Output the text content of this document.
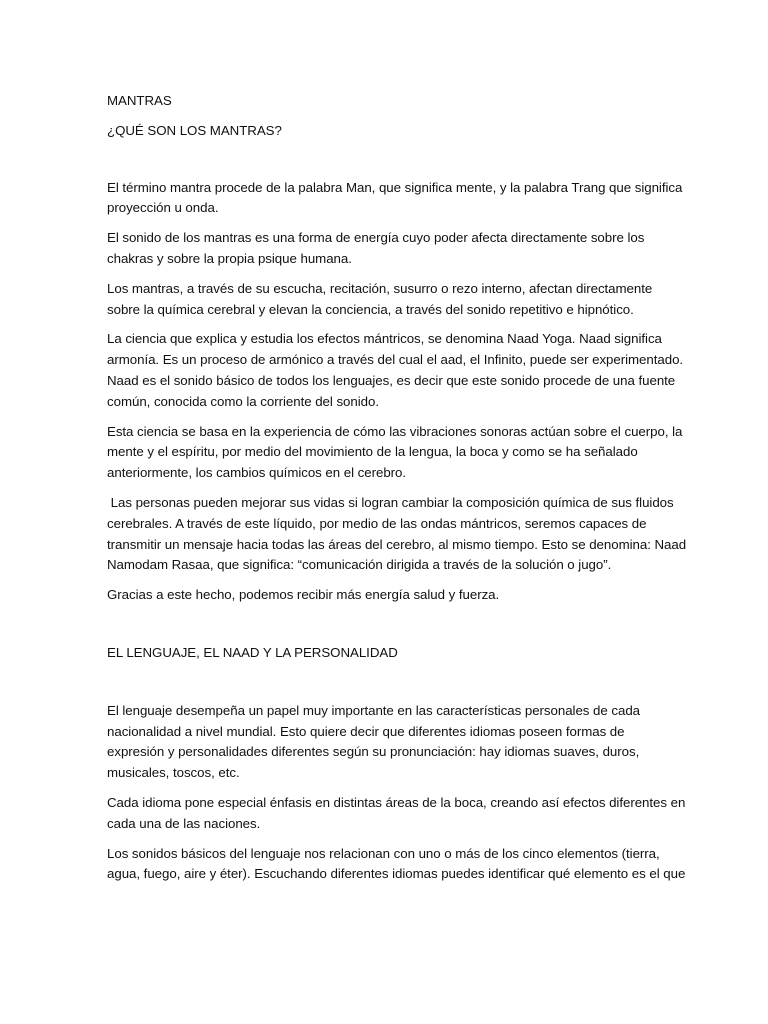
MANTRAS
¿QUÉ SON LOS MANTRAS?
El término mantra procede de la palabra Man, que significa mente, y la palabra Trang que significa
proyección u onda.
El sonido de los mantras es una forma de energía cuyo poder afecta directamente sobre los
chakras y sobre la propia psique humana.
Los mantras, a través de su escucha, recitación, susurro o rezo interno, afectan directamente
sobre la química cerebral y elevan la conciencia, a través del sonido repetitivo e hipnótico.
La ciencia que explica y estudia los efectos mántricos, se denomina Naad Yoga. Naad significa
armonía. Es un proceso de armónico a través del cual el aad, el Infinito, puede ser experimentado.
Naad es el sonido básico de todos los lenguajes, es decir que este sonido procede de una fuente
común, conocida como la corriente del sonido.
Esta ciencia se basa en la experiencia de cómo las vibraciones sonoras actúan sobre el cuerpo, la
mente y el espíritu, por medio del movimiento de la lengua, la boca y como se ha señalado
anteriormente, los cambios químicos en el cerebro.
Las personas pueden mejorar sus vidas si logran cambiar la composición química de sus fluidos
cerebrales. A través de este líquido, por medio de las ondas mántricos, seremos capaces de
transmitir un mensaje hacia todas las áreas del cerebro, al mismo tiempo. Esto se denomina: Naad
Namodam Rasaa, que significa: “comunicación dirigida a través de la solución o jugo”.
Gracias a este hecho, podemos recibir más energía salud y fuerza.
EL LENGUAJE, EL NAAD Y LA PERSONALIDAD
El lenguaje desempeña un papel muy importante en las características personales de cada
nacionalidad a nivel mundial. Esto quiere decir que diferentes idiomas poseen formas de
expresión y personalidades diferentes según su pronunciación: hay idiomas suaves, duros,
musicales, toscos, etc.
Cada idioma pone especial énfasis en distintas áreas de la boca, creando así efectos diferentes en
cada una de las naciones.
Los sonidos básicos del lenguaje nos relacionan con uno o más de los cinco elementos (tierra,
agua, fuego, aire y éter). Escuchando diferentes idiomas puedes identificar qué elemento es el que
